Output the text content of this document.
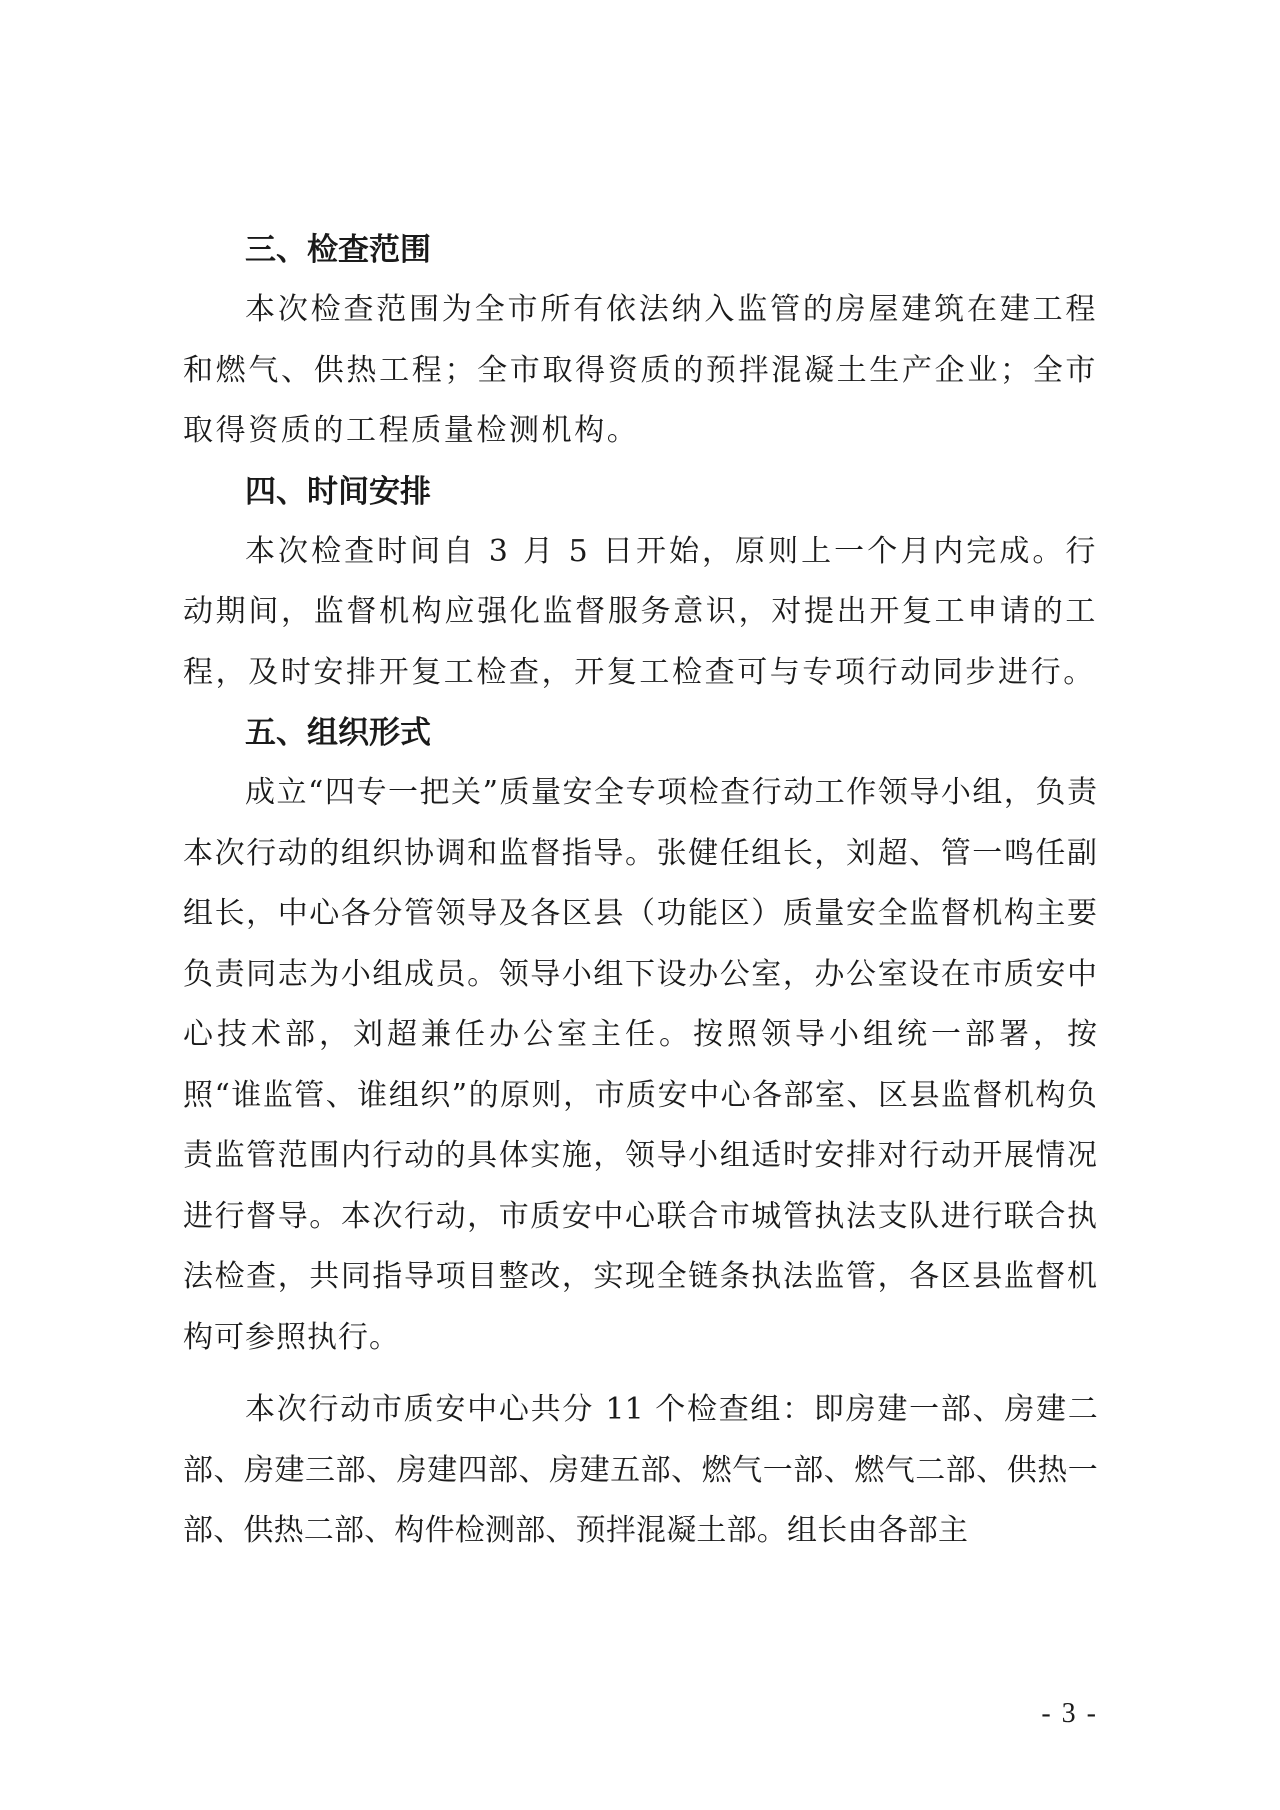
三、检查范围

本次检查范围为全市所有依法纳入监管的房屋建筑在建工程和燃气、供热工程；全市取得资质的预拌混凝土生产企业；全市取得资质的工程质量检测机构。

四、时间安排

本次检查时间自 3 月 5 日开始，原则上一个月内完成。行动期间，监督机构应强化监督服务意识，对提出开复工申请的工程，及时安排开复工检查，开复工检查可与专项行动同步进行。

五、组织形式

成立“四专一把关”质量安全专项检查行动工作领导小组，负责本次行动的组织协调和监督指导。张健任组长，刘超、管一鸣任副组长，中心各分管领导及各区县（功能区）质量安全监督机构主要负责同志为小组成员。领导小组下设办公室，办公室设在市质安中心技术部，刘超兼任办公室主任。按照领导小组统一部署，按照“谁监管、谁组织”的原则，市质安中心各部室、区县监督机构负责监管范围内行动的具体实施，领导小组适时安排对行动开展情况进行督导。本次行动，市质安中心联合市城管执法支队进行联合执法检查，共同指导项目整改，实现全链条执法监管，各区县监督机构可参照执行。

本次行动市质安中心共分 11 个检查组：即房建一部、房建二部、房建三部、房建四部、房建五部、燃气一部、燃气二部、供热一部、供热二部、构件检测部、预拌混凝土部。组长由各部主

- 3 -
